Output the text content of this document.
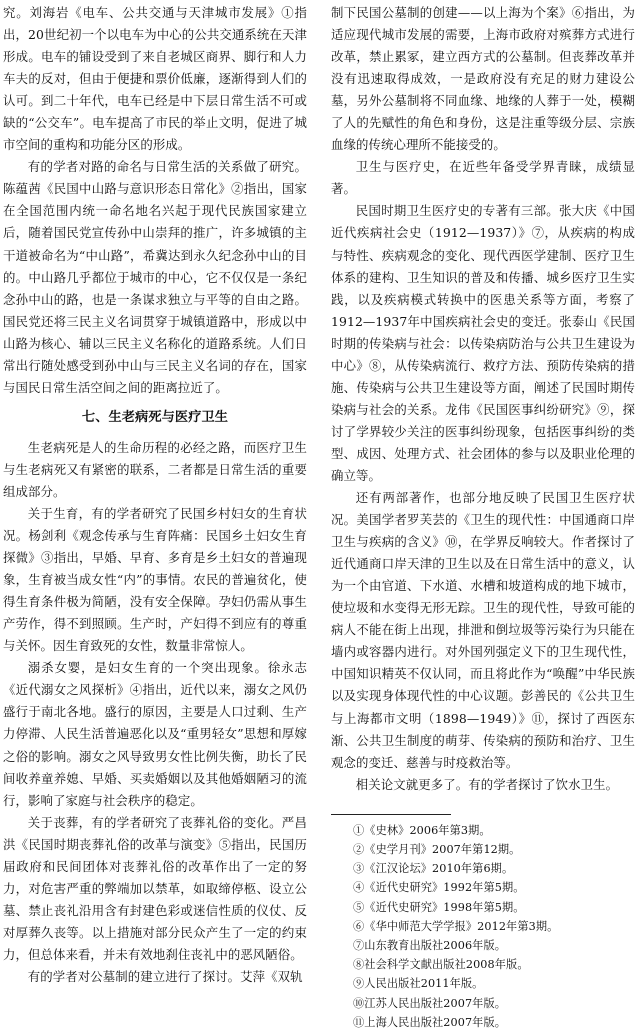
究。刘海岩《电车、公共交通与天津城市发展》①指出，20世纪初一个以电车为中心的公共交通系统在天津形成。电车的铺设受到了来自老城区商界、脚行和人力车夫的反对，但由于便捷和票价低廉，逐渐得到人们的认可。到二十年代，电车已经是中下层日常生活不可或缺的“公交车”。电车提高了市民的举止文明，促进了城市空间的重构和功能分区的形成。

有的学者对路的命名与日常生活的关系做了研究。陈蕴茜《民国中山路与意识形态日常化》②指出，国家在全国范围内统一命名地名兴起于现代民族国家建立后，随着国民党宣传孙中山崇拜的推广，许多城镇的主干道被命名为“中山路”，希冀达到永久纪念孙中山的目的。中山路几乎都位于城市的中心，它不仅仅是一条纪念孙中山的路，也是一条谋求独立与平等的自由之路。国民党还将三民主义名词贯穿于城镇道路中，形成以中山路为核心、辅以三民主义名称化的道路系统。人们日常出行随处感受到孙中山与三民主义名词的存在，国家与国民日常生活空间之间的距离拉近了。

七、生老病死与医疗卫生

生老病死是人的生命历程的必经之路，而医疗卫生与生老病死又有紧密的联系，二者都是日常生活的重要组成部分。

关于生育，有的学者研究了民国乡村妇女的生育状况。杨剑利《观念传承与生育阵痛：民国乡土妇女生育探微》③指出，早婚、早育、多育是乡土妇女的普遍现象，生育被当成女性“内”的事情。农民的普遍贫化，使得生育条件极为简陋，没有安全保障。孕妇仍需从事生产劳作，得不到照顾。生产时，产妇得不到应有的尊重与关怀。因生育致死的女性，数量非常惊人。

溺杀女婴，是妇女生育的一个突出现象。徐永志《近代溺女之风探析》④指出，近代以来，溺女之风仍盛行于南北各地。盛行的原因，主要是人口过剩、生产力停滞、人民生活普遍恶化以及“重男轻女”思想和厚嫁之俗的影响。溺女之风导致男女性比例失衡，助长了民间收养童养媳、早婚、买卖婚姻以及其他婚姻陋习的流行，影响了家庭与社会秩序的稳定。

关于丧葬，有的学者研究了丧葬礼俗的变化。严昌洪《民国时期丧葬礼俗的改革与演变》⑤指出，民国历届政府和民间团体对丧葬礼俗的改革作出了一定的努力，对危害严重的弊端加以禁革，如取缔停柩、设立公墓、禁止丧礼沿用含有封建色彩或迷信性质的仪仗、反对厚葬久丧等。以上措施对部分民众产生了一定的约束力，但总体来看，并未有效地刹住丧礼中的恶风陋俗。

有的学者对公墓制的建立进行了探讨。艾萍《双轨

制下民国公墓制的创建——以上海为个案》⑥指出，为适应现代城市发展的需要，上海市政府对殡葬方式进行改革，禁止累冢，建立西方式的公墓制。但丧葬改革并没有迅速取得成效，一是政府没有充足的财力建设公墓，另外公墓制将不同血缘、地缘的人葬于一处，模糊了人的先赋性的角色和身份，这是注重等级分层、宗族血缘的传统心理所不能接受的。

卫生与医疗史，在近些年备受学界青睐，成绩显著。

民国时期卫生医疗史的专著有三部。张大庆《中国近代疾病社会史（1912—1937）》⑦，从疾病的构成与特性、疾病观念的变化、现代西医学建制、医疗卫生体系的建构、卫生知识的普及和传播、城乡医疗卫生实践，以及疾病模式转换中的医患关系等方面，考察了1912—1937年中国疾病社会史的变迁。张泰山《民国时期的传染病与社会：以传染病防治与公共卫生建设为中心》⑧，从传染病流行、救疗方法、预防传染病的措施、传染病与公共卫生建设等方面，阐述了民国时期传染病与社会的关系。龙伟《民国医事纠纷研究》⑨，探讨了学界较少关注的医事纠纷现象，包括医事纠纷的类型、成因、处理方式、社会团体的参与以及职业伦理的确立等。

还有两部著作，也部分地反映了民国卫生医疗状况。美国学者罗芙芸的《卫生的现代性：中国通商口岸卫生与疾病的含义》⑩，在学界反响较大。作者探讨了近代通商口岸天津的卫生以及在日常生活中的意义，认为一个由官道、下水道、水槽和坡道构成的地下城市，使垃圾和水变得无形无踪。卫生的现代性，导致可能的病人不能在街上出现，排泄和倒垃圾等污染行为只能在墙内或容器内进行。对外国列强定义下的卫生现代性，中国知识精英不仅认同，而且将此作为“唤醒”中华民族以及实现身体现代性的中心议题。彭善民的《公共卫生与上海都市文明（1898—1949）》⑪，探讨了西医东渐、公共卫生制度的萌芽、传染病的预防和治疗、卫生观念的变迁、慈善与时疫救治等。

相关论文就更多了。有的学者探讨了饮水卫生。

①《史林》2006年第3期。

②《史学月刊》2007年第12期。

③《江汉论坛》2010年第6期。

④《近代史研究》1992年第5期。

⑤《近代史研究》1998年第5期。

⑥《华中师范大学学报》2012年第3期。

⑦山东教育出版社2006年版。

⑧社会科学文献出版社2008年版。

⑨人民出版社2011年版。

⑩江苏人民出版社2007年版。

⑪上海人民出版社2007年版。
